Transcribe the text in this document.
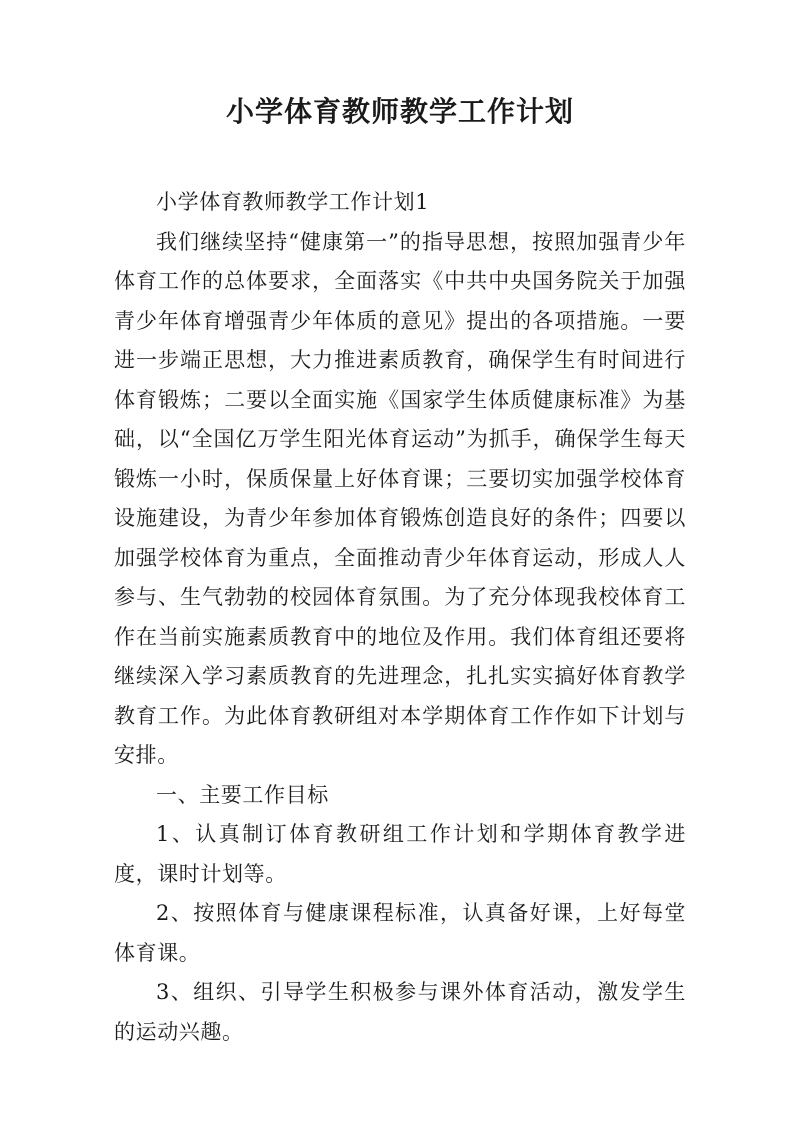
小学体育教师教学工作计划

小学体育教师教学工作计划1

我们继续坚持“健康第一”的指导思想，按照加强青少年体育工作的总体要求，全面落实《中共中央国务院关于加强青少年体育增强青少年体质的意见》提出的各项措施。一要进一步端正思想，大力推进素质教育，确保学生有时间进行体育锻炼；二要以全面实施《国家学生体质健康标准》为基础，以“全国亿万学生阳光体育运动”为抓手，确保学生每天锻炼一小时，保质保量上好体育课；三要切实加强学校体育设施建设，为青少年参加体育锻炼创造良好的条件；四要以加强学校体育为重点，全面推动青少年体育运动，形成人人参与、生气勃勃的校园体育氛围。为了充分体现我校体育工作在当前实施素质教育中的地位及作用。我们体育组还要将继续深入学习素质教育的先进理念，扎扎实实搞好体育教学教育工作。为此体育教研组对本学期体育工作作如下计划与安排。

一、主要工作目标

1、认真制订体育教研组工作计划和学期体育教学进度，课时计划等。

2、按照体育与健康课程标准，认真备好课，上好每堂体育课。

3、组织、引导学生积极参与课外体育活动，激发学生的运动兴趣。
